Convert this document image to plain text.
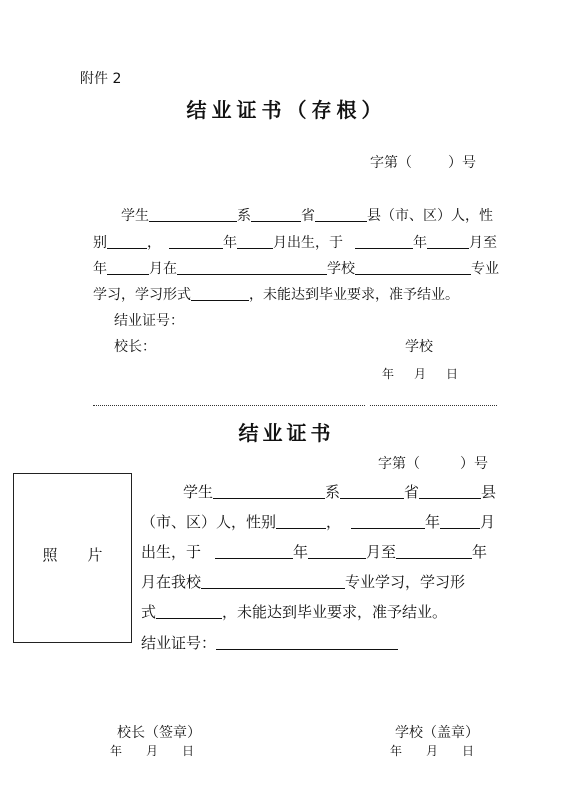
附件 2
结业证书（存根）
字第（	）号
学生	系	省	县（市、区）人，性
别	，	年	月出生，于	年	月至
年	月在	学校	专业
学习，学习形式	，未能达到毕业要求，准予结业。
结业证号：
校长：	学校
年 月 日
结业证书
字第（	）号
照 片
学生	系	省	县
（市、区）人，性别	，	年	月
出生，于	年	月至	年
月在我校	专业学习，学习形
式	，未能达到毕业要求，准予结业。
结业证号：
校长（签章）	学校（盖章）
年 月 日	年 月 日
